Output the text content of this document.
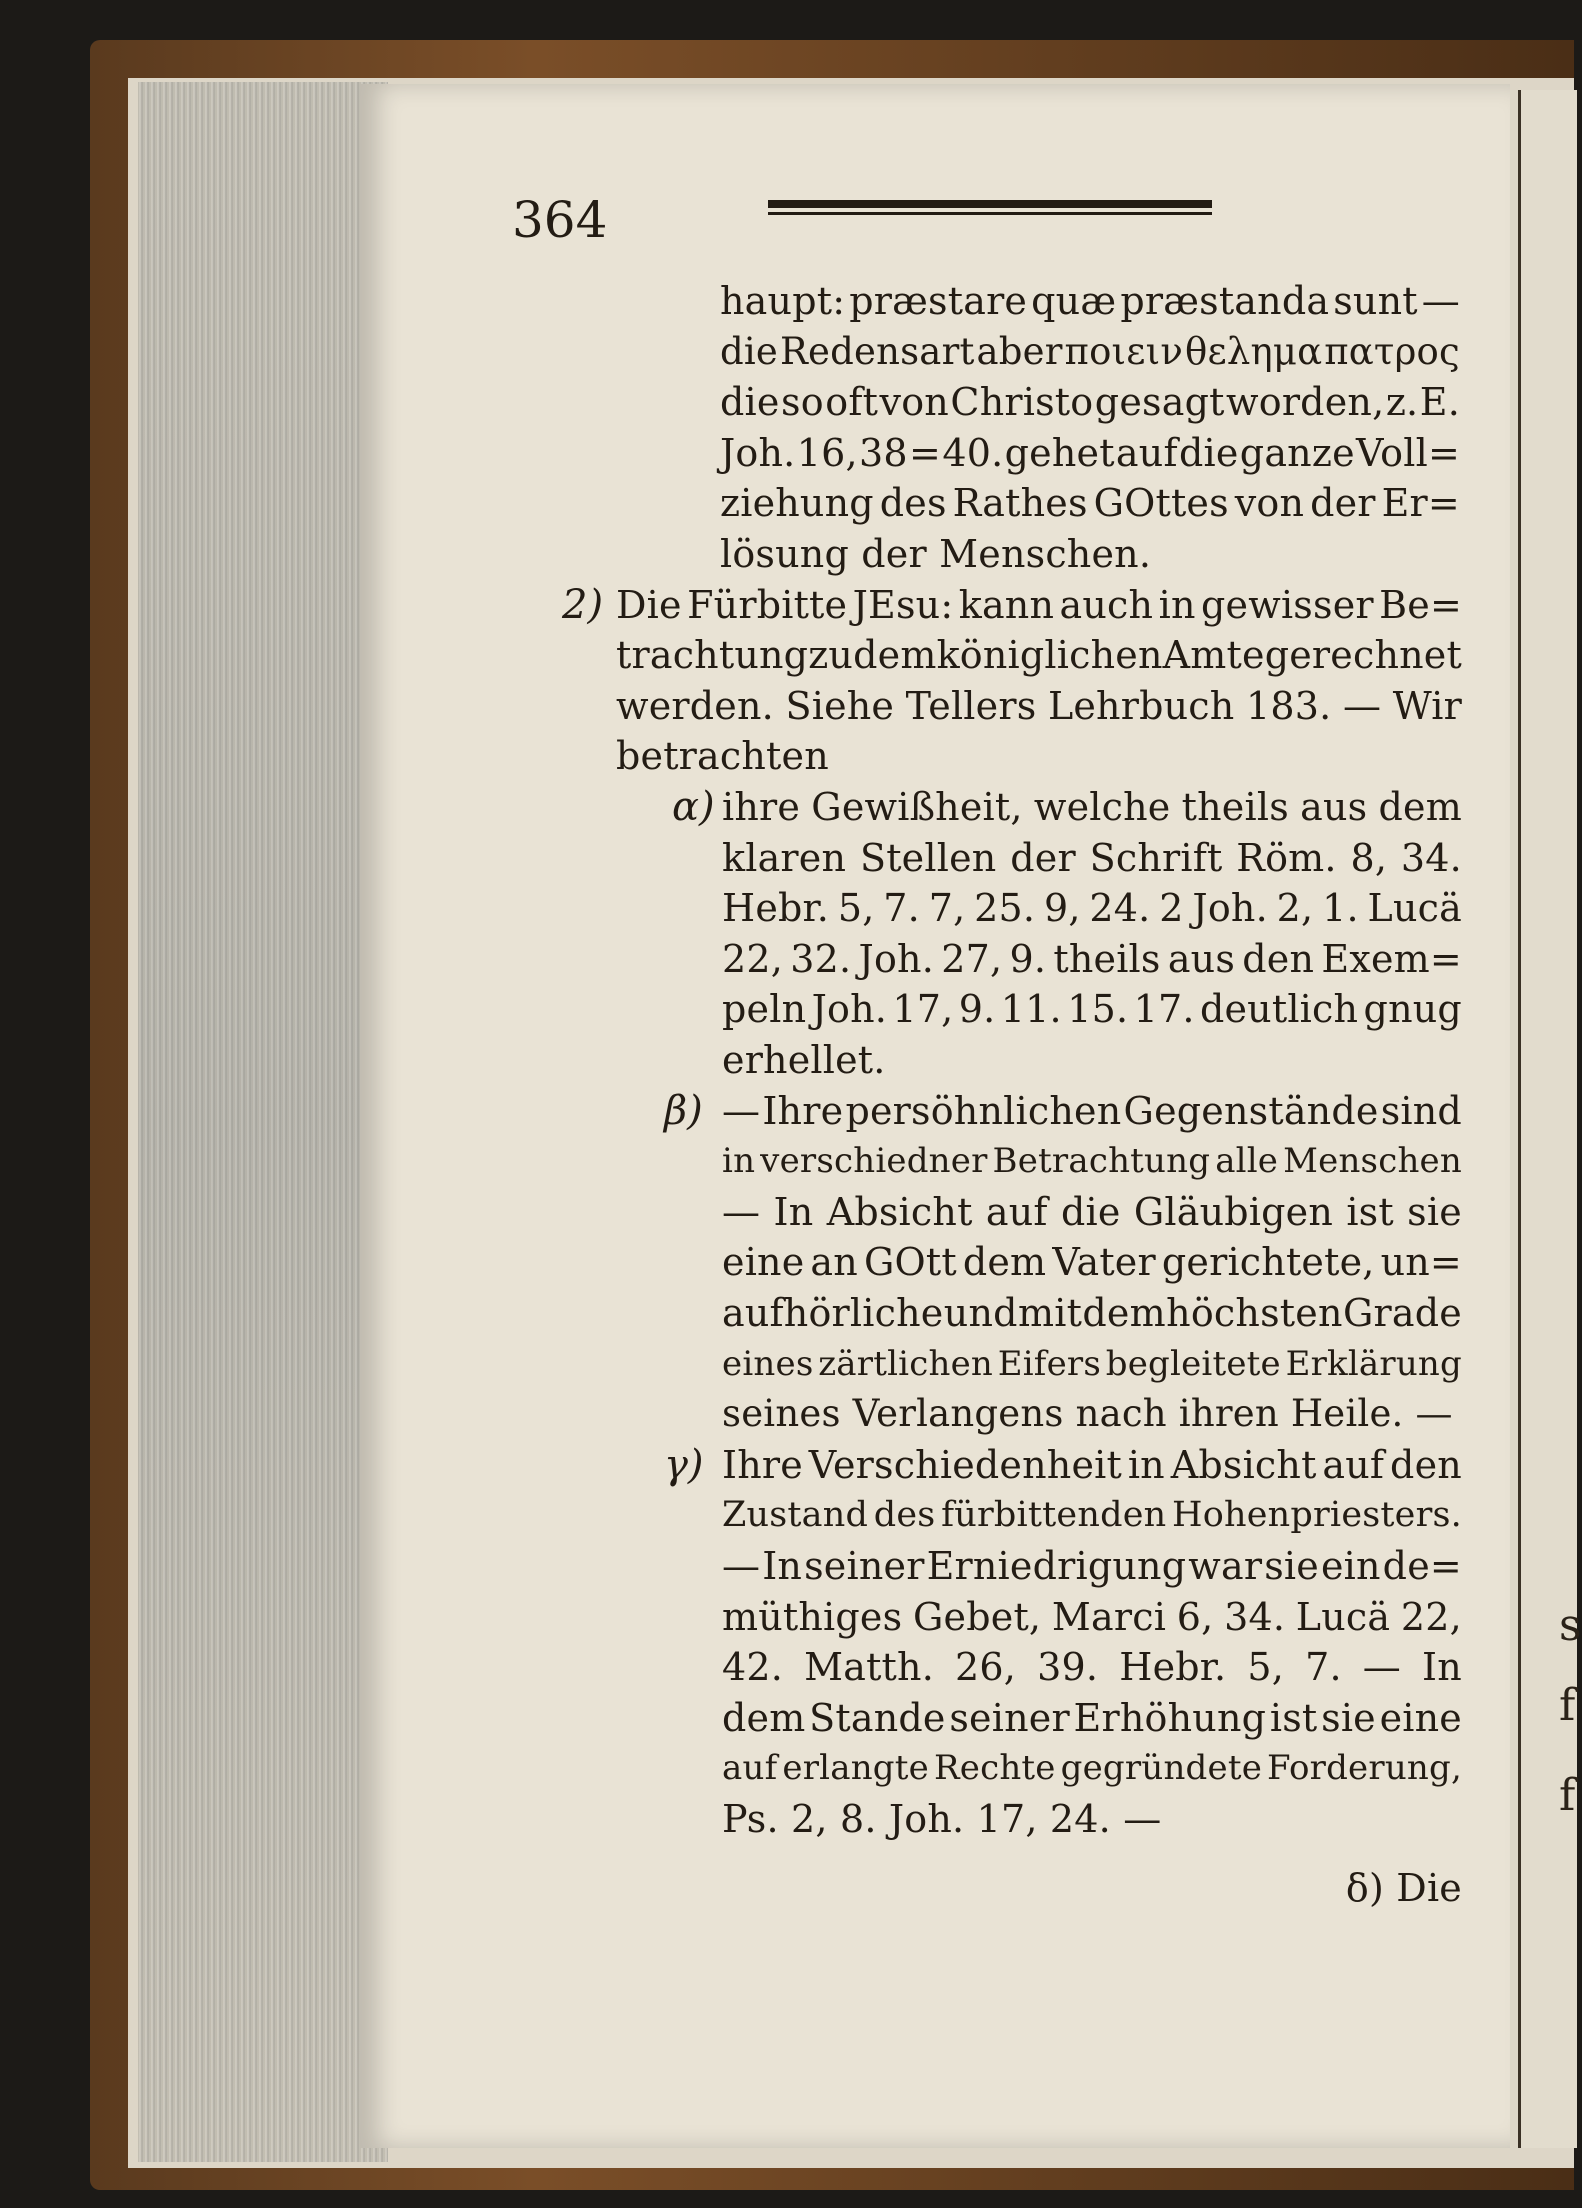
s
f
f
364
haupt: præstare quæ præstanda sunt —
die Redensart aber ποιειν θελημα πατρος
die so oft von Christo gesagt worden, z. E.
Joh. 16, 38 = 40. gehet auf die ganze Voll=
ziehung des Rathes GOttes von der Er=
lösung der Menschen.
2) Die Fürbitte JEsu: kann auch in gewisser Be=
trachtung zu dem königlichen Amte gerechnet
werden. Siehe Tellers Lehrbuch 183. — Wir
betrachten
α) ihre Gewißheit, welche theils aus dem
klaren Stellen der Schrift Röm. 8, 34.
Hebr. 5, 7. 7, 25. 9, 24. 2 Joh. 2, 1. Lucä
22, 32. Joh. 27, 9. theils aus den Exem=
peln Joh. 17, 9. 11. 15. 17. deutlich gnug
erhellet.
β) — Ihre persöhnlichen Gegenstände sind
in verschiedner Betrachtung alle Menschen
— In Absicht auf die Gläubigen ist sie
eine an GOtt dem Vater gerichtete, un=
aufhörliche und mit dem höchsten Grade
eines zärtlichen Eifers begleitete Erklärung
seines Verlangens nach ihren Heile. —
γ) Ihre Verschiedenheit in Absicht auf den
Zustand des fürbittenden Hohenpriesters.
— In seiner Erniedrigung war sie ein de=
müthiges Gebet, Marci 6, 34. Lucä 22,
42. Matth. 26, 39. Hebr. 5, 7. — In
dem Stande seiner Erhöhung ist sie eine
auf erlangte Rechte gegründete Forderung,
Ps. 2, 8. Joh. 17, 24. —
δ) Die
